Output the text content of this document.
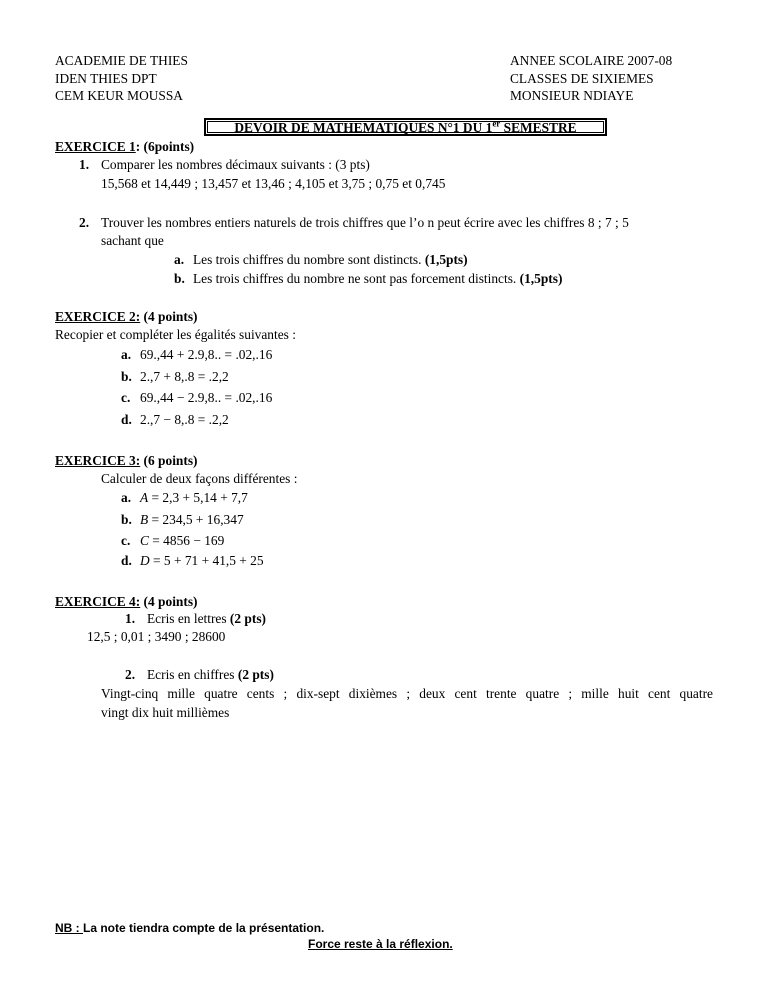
ACADEMIE DE THIES
IDEN THIES DPT
CEM KEUR MOUSSA
ANNEE SCOLAIRE 2007-08
CLASSES DE SIXIEMES
MONSIEUR NDIAYE
DEVOIR DE MATHEMATIQUES N°1 DU 1er SEMESTRE
EXERCICE 1: (6points)
1. Comparer les nombres décimaux suivants : (3 pts)
15,568 et 14,449 ; 13,457 et 13,46 ; 4,105 et 3,75 ; 0,75 et 0,745
2. Trouver les nombres entiers naturels de trois chiffres que l’o n peut écrire avec les chiffres 8 ; 7 ; 5
sachant que
a. Les trois chiffres du nombre sont distincts. (1,5pts)
b. Les trois chiffres du nombre ne sont pas forcement distincts. (1,5pts)
EXERCICE 2: (4 points)
Recopier et compléter les égalités suivantes :
a. 69.,44 + 2.9,8.. = .02,.16
b. 2.,7 + 8,.8 = .2,2
c. 69.,44 − 2.9,8.. = .02,.16
d. 2.,7 − 8,.8 = .2,2
EXERCICE 3: (6 points)
Calculer de deux façons différentes :
a. A = 2,3 + 5,14 + 7,7
b. B = 234,5 + 16,347
c. C = 4856 − 169
d. D = 5 + 71 + 41,5 + 25
EXERCICE 4: (4 points)
1. Ecris en lettres (2 pts)
12,5 ; 0,01 ; 3490 ; 28600
2. Ecris en chiffres (2 pts)
Vingt-cinq mille quatre cents ; dix-sept dixièmes ; deux cent trente quatre ; mille huit cent quatre
vingt dix huit millièmes
NB : La note tiendra compte de la présentation.
Force reste à la réflexion.
